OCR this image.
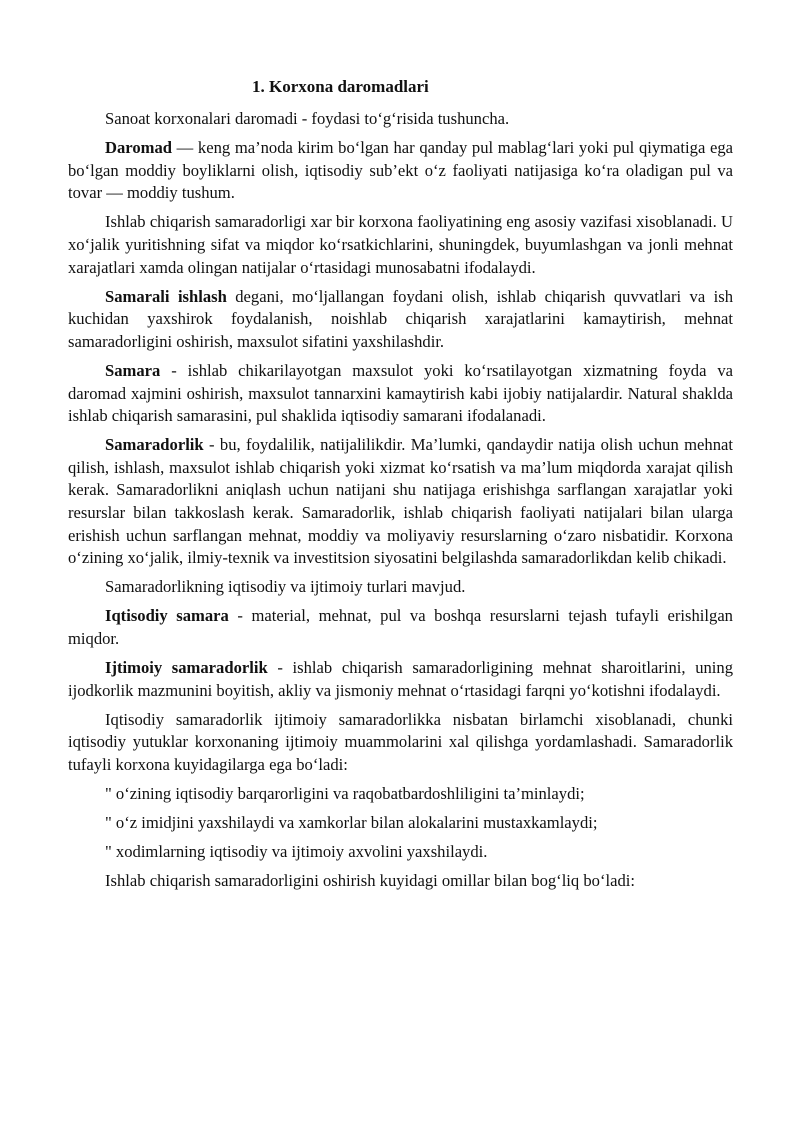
1. Korxona daromadlari

Sanoat korxonalari daromadi - foydasi to‘g‘risida tushuncha.

Daromad — keng ma’noda kirim bo‘lgan har qanday pul mablag‘lari yoki pul qiymatiga ega bo‘lgan moddiy boyliklarni olish, iqtisodiy sub’ekt o‘z faoliyati natijasiga ko‘ra oladigan pul va tovar — moddiy tushum.

Ishlab chiqarish samaradorligi xar bir korxona faoliyatining eng asosiy vazifasi xisoblanadi. U xo‘jalik yuritishning sifat va miqdor ko‘rsatkichlarini, shuningdek, buyumlashgan va jonli mehnat xarajatlari xamda olingan natijalar o‘rtasidagi munosabatni ifodalaydi.

Samarali ishlash degani, mo‘ljallangan foydani olish, ishlab chiqarish quvvatlari va ish kuchidan yaxshirok foydalanish, noishlab chiqarish xarajatlarini kamaytirish, mehnat samaradorligini oshirish, maxsulot sifatini yaxshilashdir.

Samara - ishlab chikarilayotgan maxsulot yoki ko‘rsatilayotgan xizmatning foyda va daromad xajmini oshirish, maxsulot tannarxini kamaytirish kabi ijobiy natijalardir. Natural shaklda ishlab chiqarish samarasini, pul shaklida iqtisodiy samarani ifodalanadi.

Samaradorlik - bu, foydalilik, natijalilikdir. Ma’lumki, qandaydir natija olish uchun mehnat qilish, ishlash, maxsulot ishlab chiqarish yoki xizmat ko‘rsatish va ma’lum miqdorda xarajat qilish kerak. Samaradorlikni aniqlash uchun natijani shu natijaga erishishga sarflangan xarajatlar yoki resurslar bilan takkoslash kerak. Samaradorlik, ishlab chiqarish faoliyati natijalari bilan ularga erishish uchun sarflangan mehnat, moddiy va moliyaviy resurslarning o‘zaro nisbatidir. Korxona o‘zining xo‘jalik, ilmiy-texnik va investitsion siyosatini belgilashda samaradorlikdan kelib chikadi.

Samaradorlikning iqtisodiy va ijtimoiy turlari mavjud.

Iqtisodiy samara - material, mehnat, pul va boshqa resurslarni tejash tufayli erishilgan miqdor.

Ijtimoiy samaradorlik - ishlab chiqarish samaradorligining mehnat sharoitlarini, uning ijodkorlik mazmunini boyitish, akliy va jismoniy mehnat o‘rtasidagi farqni yo‘kotishni ifodalaydi.

Iqtisodiy samaradorlik ijtimoiy samaradorlikka nisbatan birlamchi xisoblanadi, chunki iqtisodiy yutuklar korxonaning ijtimoiy muammolarini xal qilishga yordamlashadi. Samaradorlik tufayli korxona kuyidagilarga ega bo‘ladi:

" o‘zining iqtisodiy barqarorligini va raqobatbardoshliligini ta’minlaydi;

" o‘z imidjini yaxshilaydi va xamkorlar bilan alokalarini mustaxkamlaydi;

" xodimlarning iqtisodiy va ijtimoiy axvolini yaxshilaydi.

Ishlab chiqarish samaradorligini oshirish kuyidagi omillar bilan bog‘liq bo‘ladi:
